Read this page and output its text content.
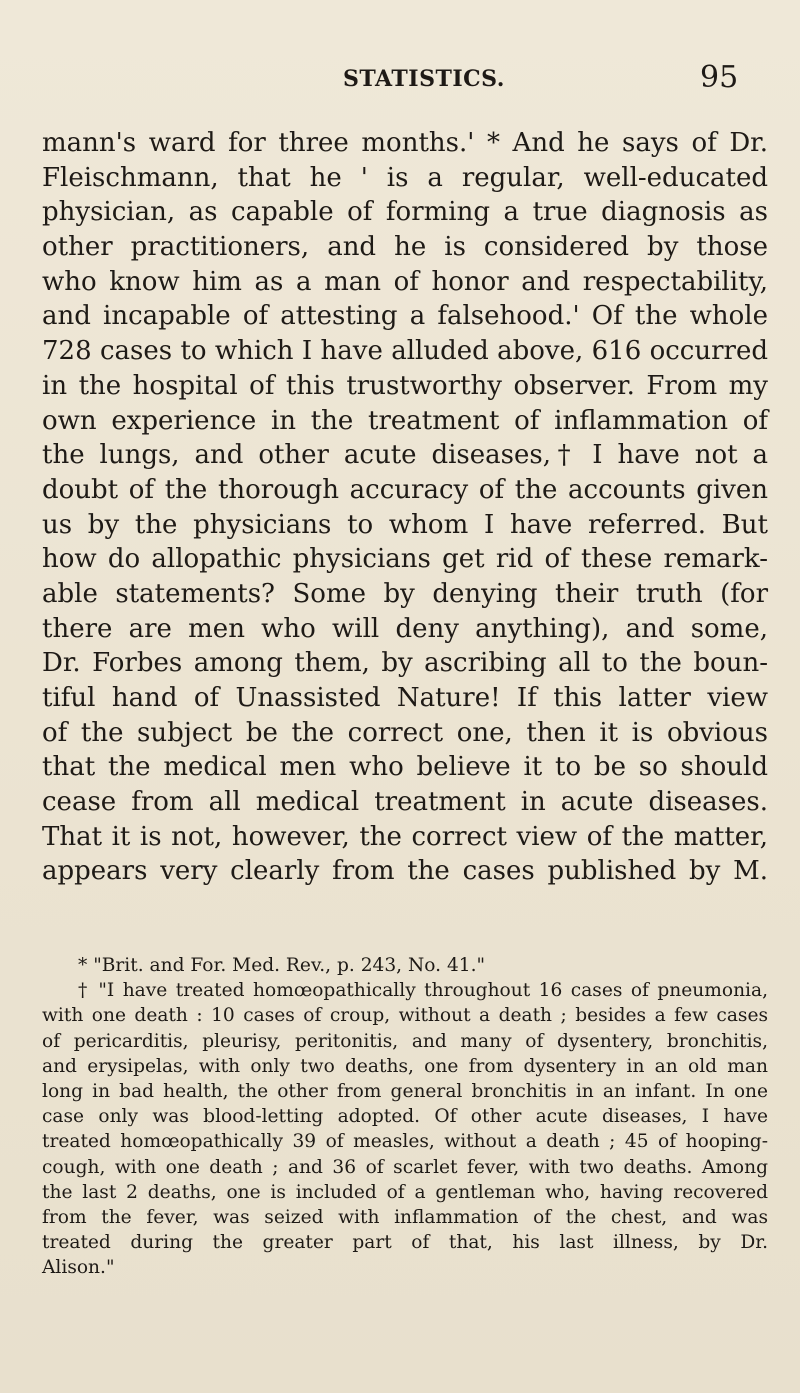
STATISTICS.	95
mann's ward for three months.' * And he says of Dr.
Fleischmann, that he ' is a regular, well-educated
physician, as capable of forming a true diagnosis as
other practitioners, and he is considered by those
who know him as a man of honor and respectability,
and incapable of attesting a falsehood.' Of the whole
728 cases to which I have alluded above, 616 occurred
in the hospital of this trustworthy observer. From my
own experience in the treatment of inflammation of
the lungs, and other acute diseases,† I have not a
doubt of the thorough accuracy of the accounts given
us by the physicians to whom I have referred. But
how do allopathic physicians get rid of these remark-
able statements? Some by denying their truth (for
there are men who will deny anything), and some,
Dr. Forbes among them, by ascribing all to the boun-
tiful hand of Unassisted Nature! If this latter view
of the subject be the correct one, then it is obvious
that the medical men who believe it to be so should
cease from all medical treatment in acute diseases.
That it is not, however, the correct view of the matter,
appears very clearly from the cases published by M.
* "Brit. and For. Med. Rev., p. 243, No. 41."
† "I have treated homœopathically throughout 16 cases of pneumonia,
with one death : 10 cases of croup, without a death ; besides a few cases
of pericarditis, pleurisy, peritonitis, and many of dysentery, bronchitis,
and erysipelas, with only two deaths, one from dysentery in an old man
long in bad health, the other from general bronchitis in an infant. In one
case only was blood-letting adopted. Of other acute diseases, I have
treated homœopathically 39 of measles, without a death ; 45 of hooping-
cough, with one death ; and 36 of scarlet fever, with two deaths. Among
the last 2 deaths, one is included of a gentleman who, having recovered
from the fever, was seized with inflammation of the chest, and was
treated during the greater part of that, his last illness, by Dr.
Alison."
